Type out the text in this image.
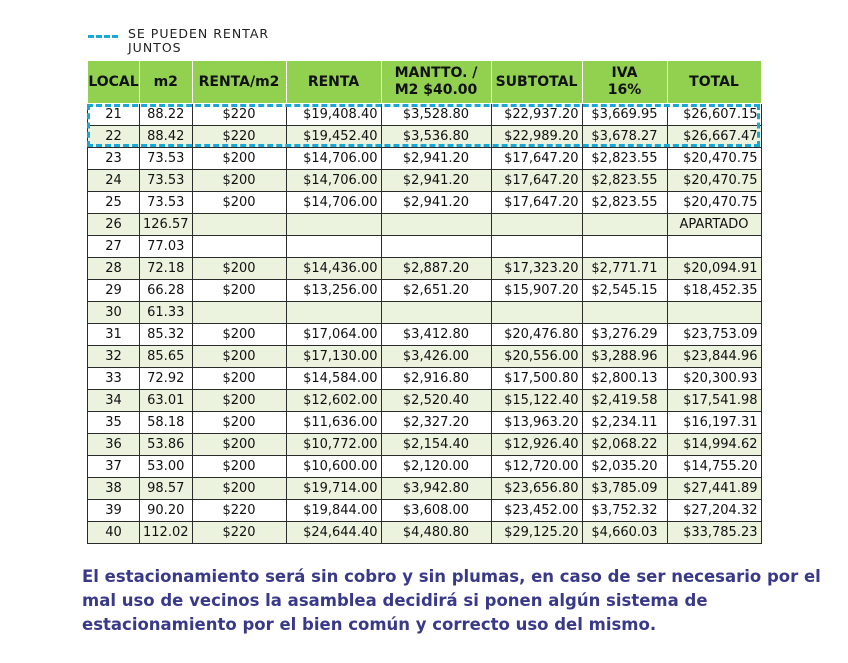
SE PUEDEN RENTAR JUNTOS
LOCAL	m2	RENTA/m2	RENTA	MANTTO. / M2 $40.00	SUBTOTAL	IVA 16%	TOTAL
21	88.22	$220	$19,408.40	$3,528.80	$22,937.20	$3,669.95	$26,607.15
22	88.42	$220	$19,452.40	$3,536.80	$22,989.20	$3,678.27	$26,667.47
23	73.53	$200	$14,706.00	$2,941.20	$17,647.20	$2,823.55	$20,470.75
24	73.53	$200	$14,706.00	$2,941.20	$17,647.20	$2,823.55	$20,470.75
25	73.53	$200	$14,706.00	$2,941.20	$17,647.20	$2,823.55	$20,470.75
26	126.57						APARTADO
27	77.03						
28	72.18	$200	$14,436.00	$2,887.20	$17,323.20	$2,771.71	$20,094.91
29	66.28	$200	$13,256.00	$2,651.20	$15,907.20	$2,545.15	$18,452.35
30	61.33						
31	85.32	$200	$17,064.00	$3,412.80	$20,476.80	$3,276.29	$23,753.09
32	85.65	$200	$17,130.00	$3,426.00	$20,556.00	$3,288.96	$23,844.96
33	72.92	$200	$14,584.00	$2,916.80	$17,500.80	$2,800.13	$20,300.93
34	63.01	$200	$12,602.00	$2,520.40	$15,122.40	$2,419.58	$17,541.98
35	58.18	$200	$11,636.00	$2,327.20	$13,963.20	$2,234.11	$16,197.31
36	53.86	$200	$10,772.00	$2,154.40	$12,926.40	$2,068.22	$14,994.62
37	53.00	$200	$10,600.00	$2,120.00	$12,720.00	$2,035.20	$14,755.20
38	98.57	$200	$19,714.00	$3,942.80	$23,656.80	$3,785.09	$27,441.89
39	90.20	$220	$19,844.00	$3,608.00	$23,452.00	$3,752.32	$27,204.32
40	112.02	$220	$24,644.40	$4,480.80	$29,125.20	$4,660.03	$33,785.23

El estacionamiento será sin cobro y sin plumas, en caso de ser necesario por el mal uso de vecinos la asamblea decidirá si ponen algún sistema de estacionamiento por el bien común y correcto uso del mismo.
